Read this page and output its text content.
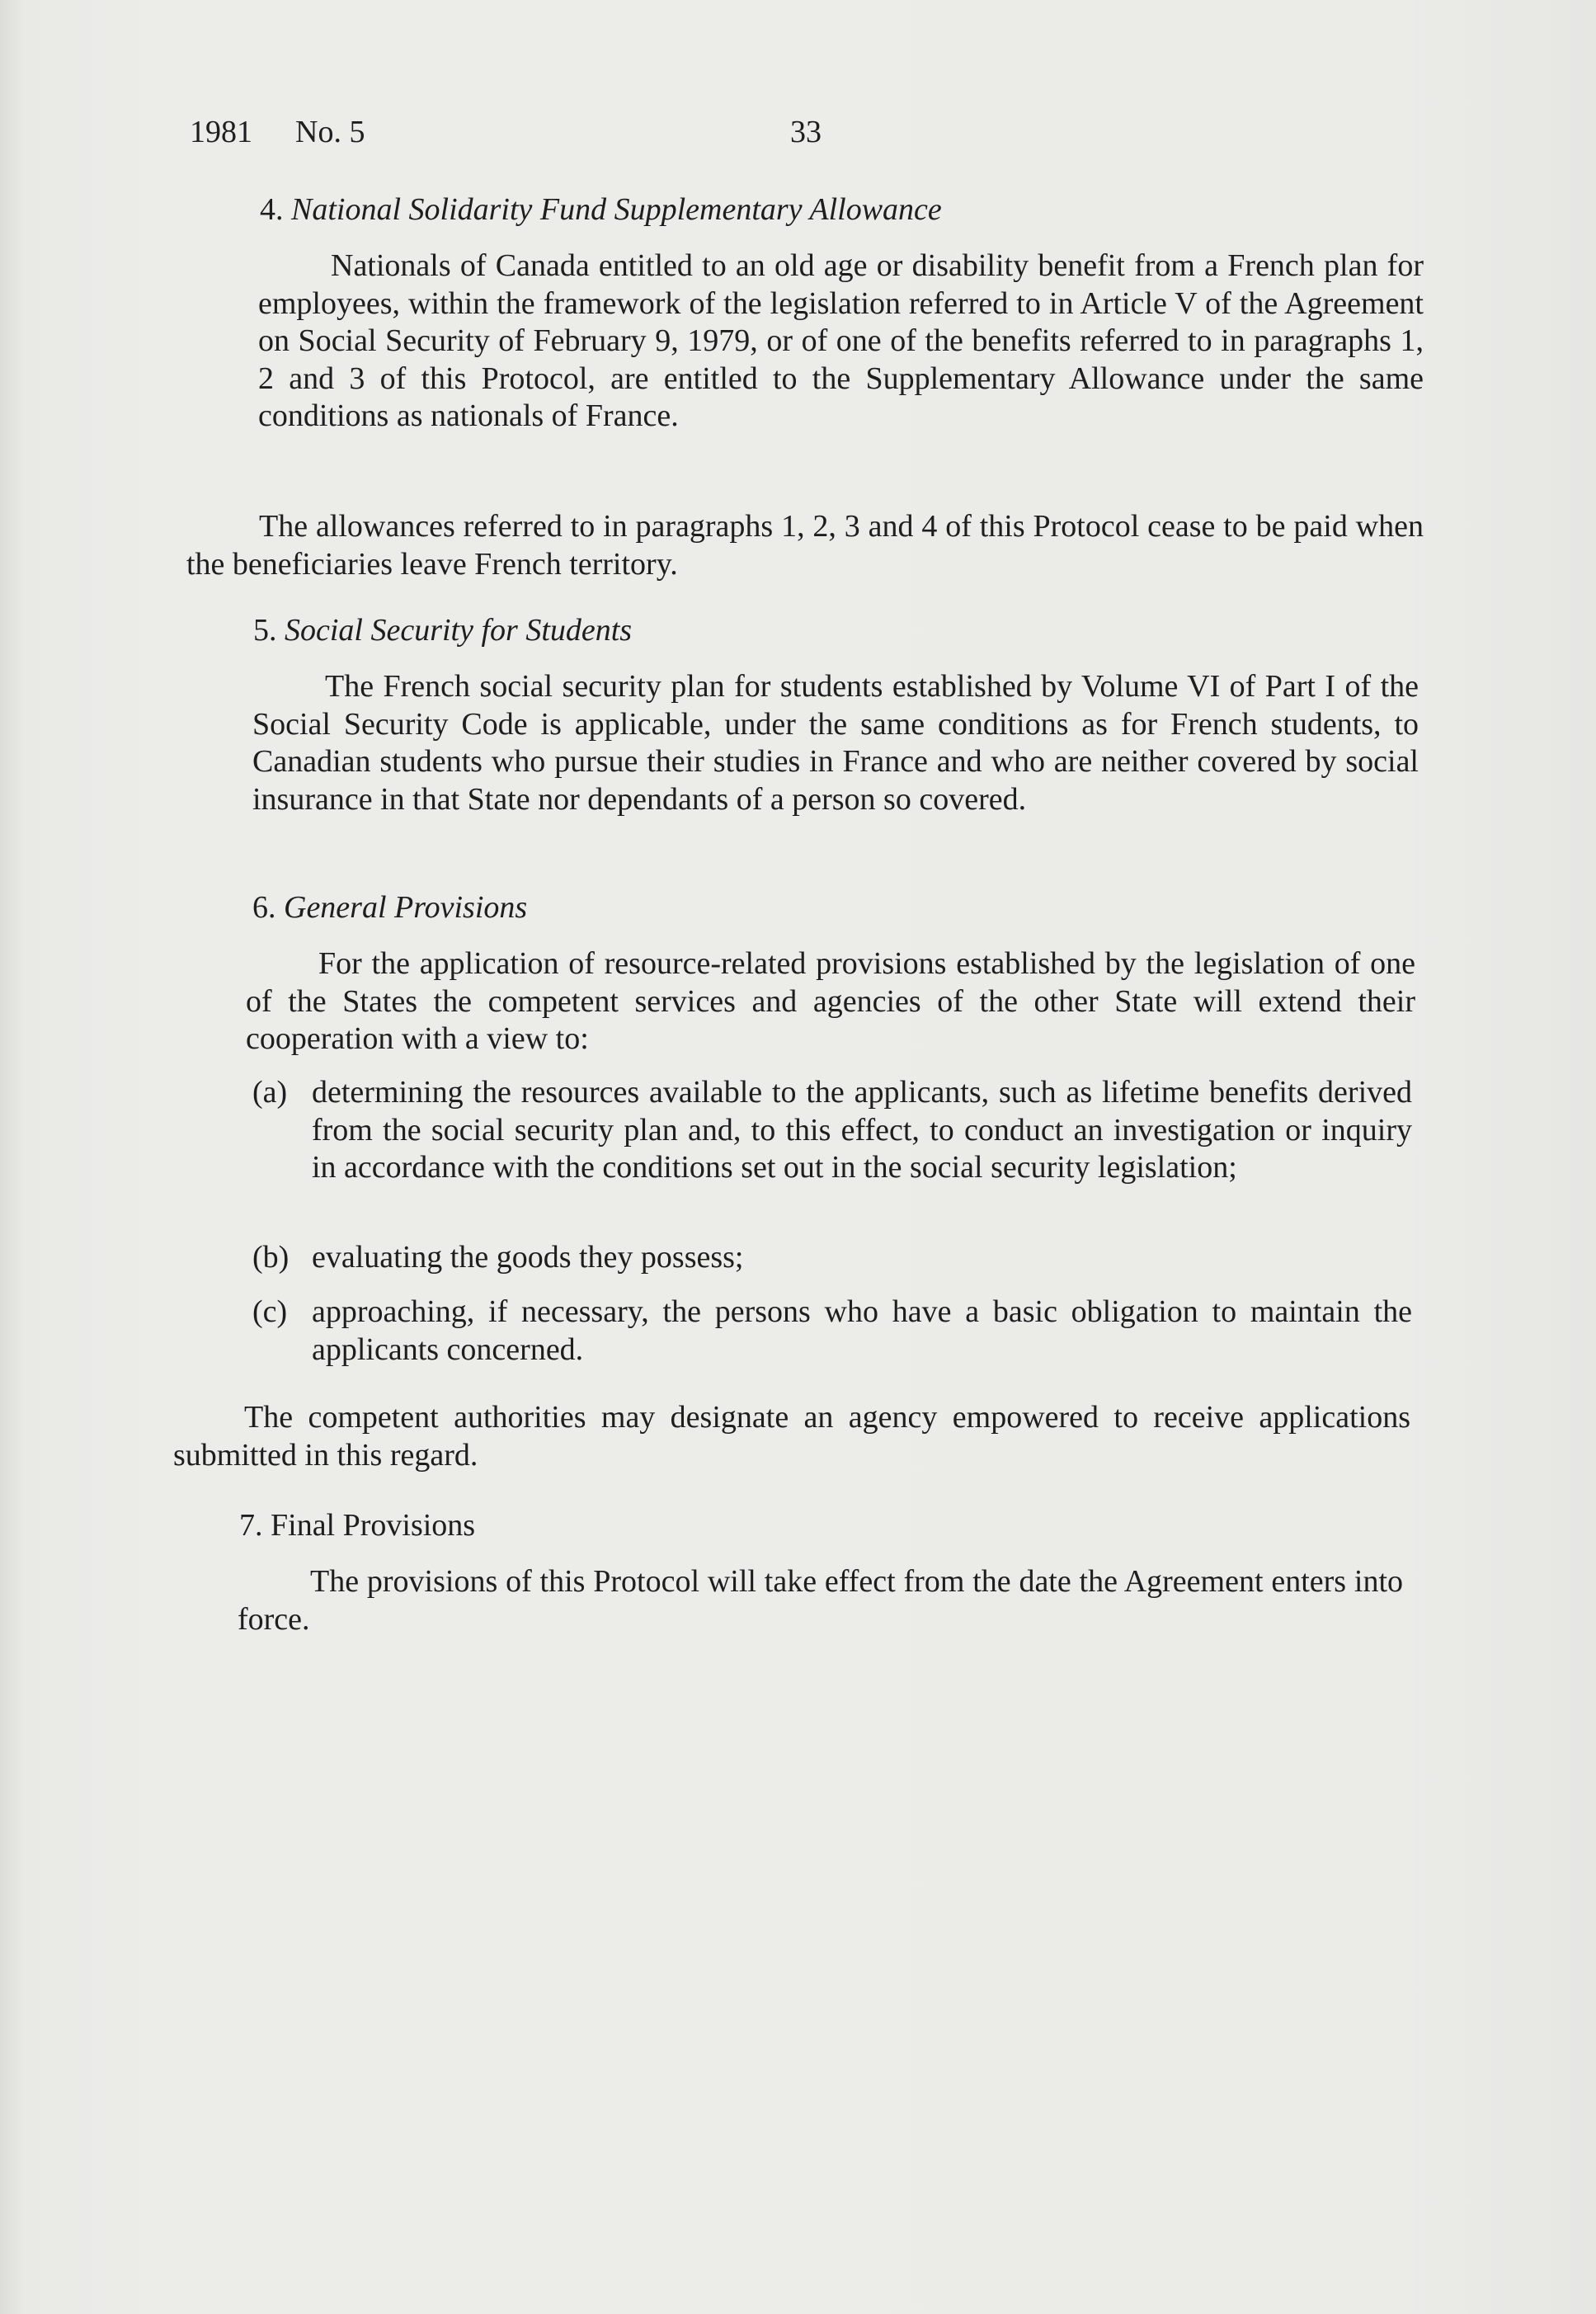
1981 No. 5	33
4. National Solidarity Fund Supplementary Allowance
Nationals of Canada entitled to an old age or disability benefit from a French plan for employees, within the framework of the legislation referred to in Article V of the Agreement on Social Security of February 9, 1979, or of one of the benefits referred to in paragraphs 1, 2 and 3 of this Protocol, are entitled to the Supplementary Allowance under the same conditions as nationals of France.
The allowances referred to in paragraphs 1, 2, 3 and 4 of this Protocol cease to be paid when the beneficiaries leave French territory.
5. Social Security for Students
The French social security plan for students established by Volume VI of Part I of the Social Security Code is applicable, under the same conditions as for French students, to Canadian students who pursue their studies in France and who are neither covered by social insurance in that State nor dependants of a person so covered.
6. General Provisions
For the application of resource-related provisions established by the legislation of one of the States the competent services and agencies of the other State will extend their cooperation with a view to:
(a) determining the resources available to the applicants, such as lifetime benefits derived from the social security plan and, to this effect, to conduct an investigation or inquiry in accordance with the conditions set out in the social security legislation;
(b) evaluating the goods they possess;
(c) approaching, if necessary, the persons who have a basic obligation to maintain the applicants concerned.
The competent authorities may designate an agency empowered to receive applications submitted in this regard.
7. Final Provisions
The provisions of this Protocol will take effect from the date the Agreement enters into force.
